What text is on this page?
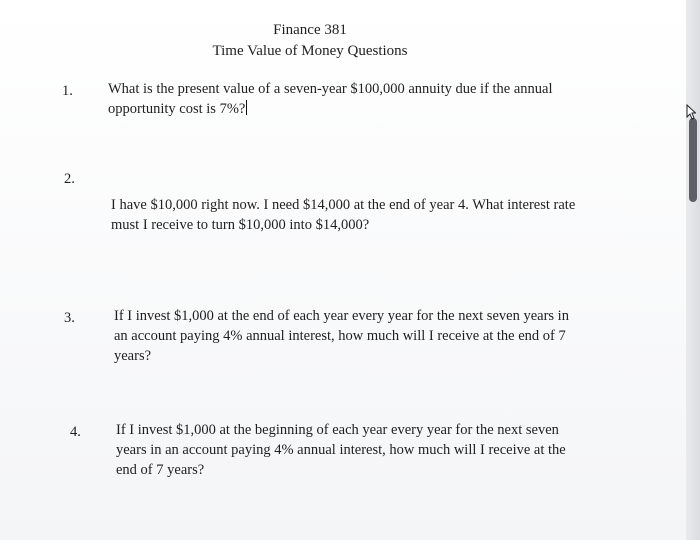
Finance 381
Time Value of Money Questions
1. What is the present value of a seven-year $100,000 annuity due if the annual opportunity cost is 7%?
2.
I have $10,000 right now. I need $14,000 at the end of year 4. What interest rate must I receive to turn $10,000 into $14,000?
3.	If I invest $1,000 at the end of each year every year for the next seven years in an account paying 4% annual interest, how much will I receive at the end of 7 years?
4. If I invest $1,000 at the beginning of each year every year for the next seven years in an account paying 4% annual interest, how much will I receive at the end of 7 years?
